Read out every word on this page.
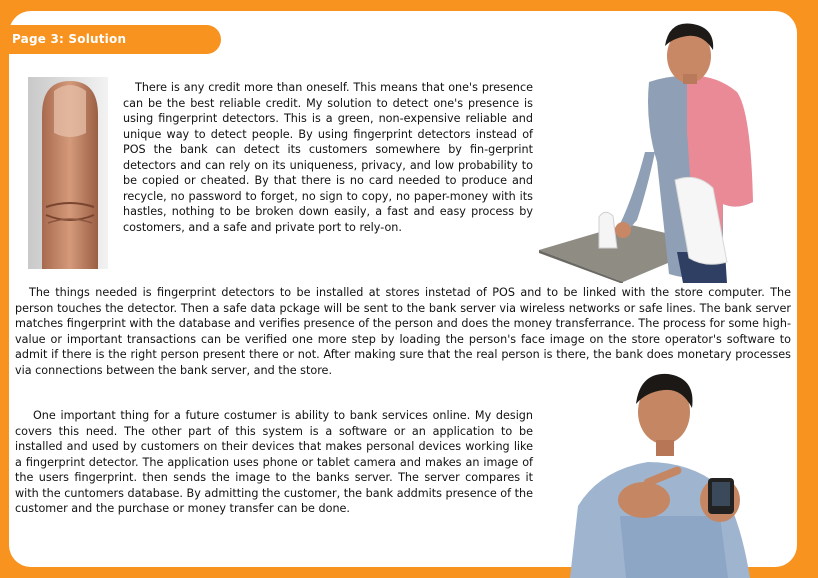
Page 3: Solution

There is any credit more than oneself. This means that one's presence can be the best reliable credit. My solution to detect one's presence is using fingerprint detectors. This is a green, non-expensive reliable and unique way to detect people. By using fingerprint detectors instead of POS the bank can detect its customers somewhere by fin-gerprint detectors and can rely on its uniqueness, privacy, and low probability to be copied or cheated. By that there is no card needed to produce and recycle, no password to forget, no sign to copy, no paper-money with its hastles, nothing to be broken down easily, a fast and easy process by costomers, and a safe and private port to rely-on.

The things needed is fingerprint detectors to be installed at stores instetad of POS and to be linked with the store computer. The person touches the detector. Then a safe data pckage will be sent to the bank server via wireless networks or safe lines. The bank server matches fingerprint with the database and verifies presence of the person and does the money transferrance. The process for some high-value or important transactions can be verified one more step by loading the person's face image on the store operator's software to admit if there is the right person present there or not. After making sure that the real person is there, the bank does monetary processes via connections between the bank server, and the store.

One important thing for a future costumer is ability to bank services online. My design covers this need. The other part of this system is a software or an application to be installed and used by customers on their devices that makes personal devices working like a fingerprint detector. The application uses phone or tablet camera and makes an image of the users fingerprint. then sends the image to the banks server. The server compares it with the cuntomers database. By admitting the customer, the bank addmits presence of the customer and the purchase or money transfer can be done.
